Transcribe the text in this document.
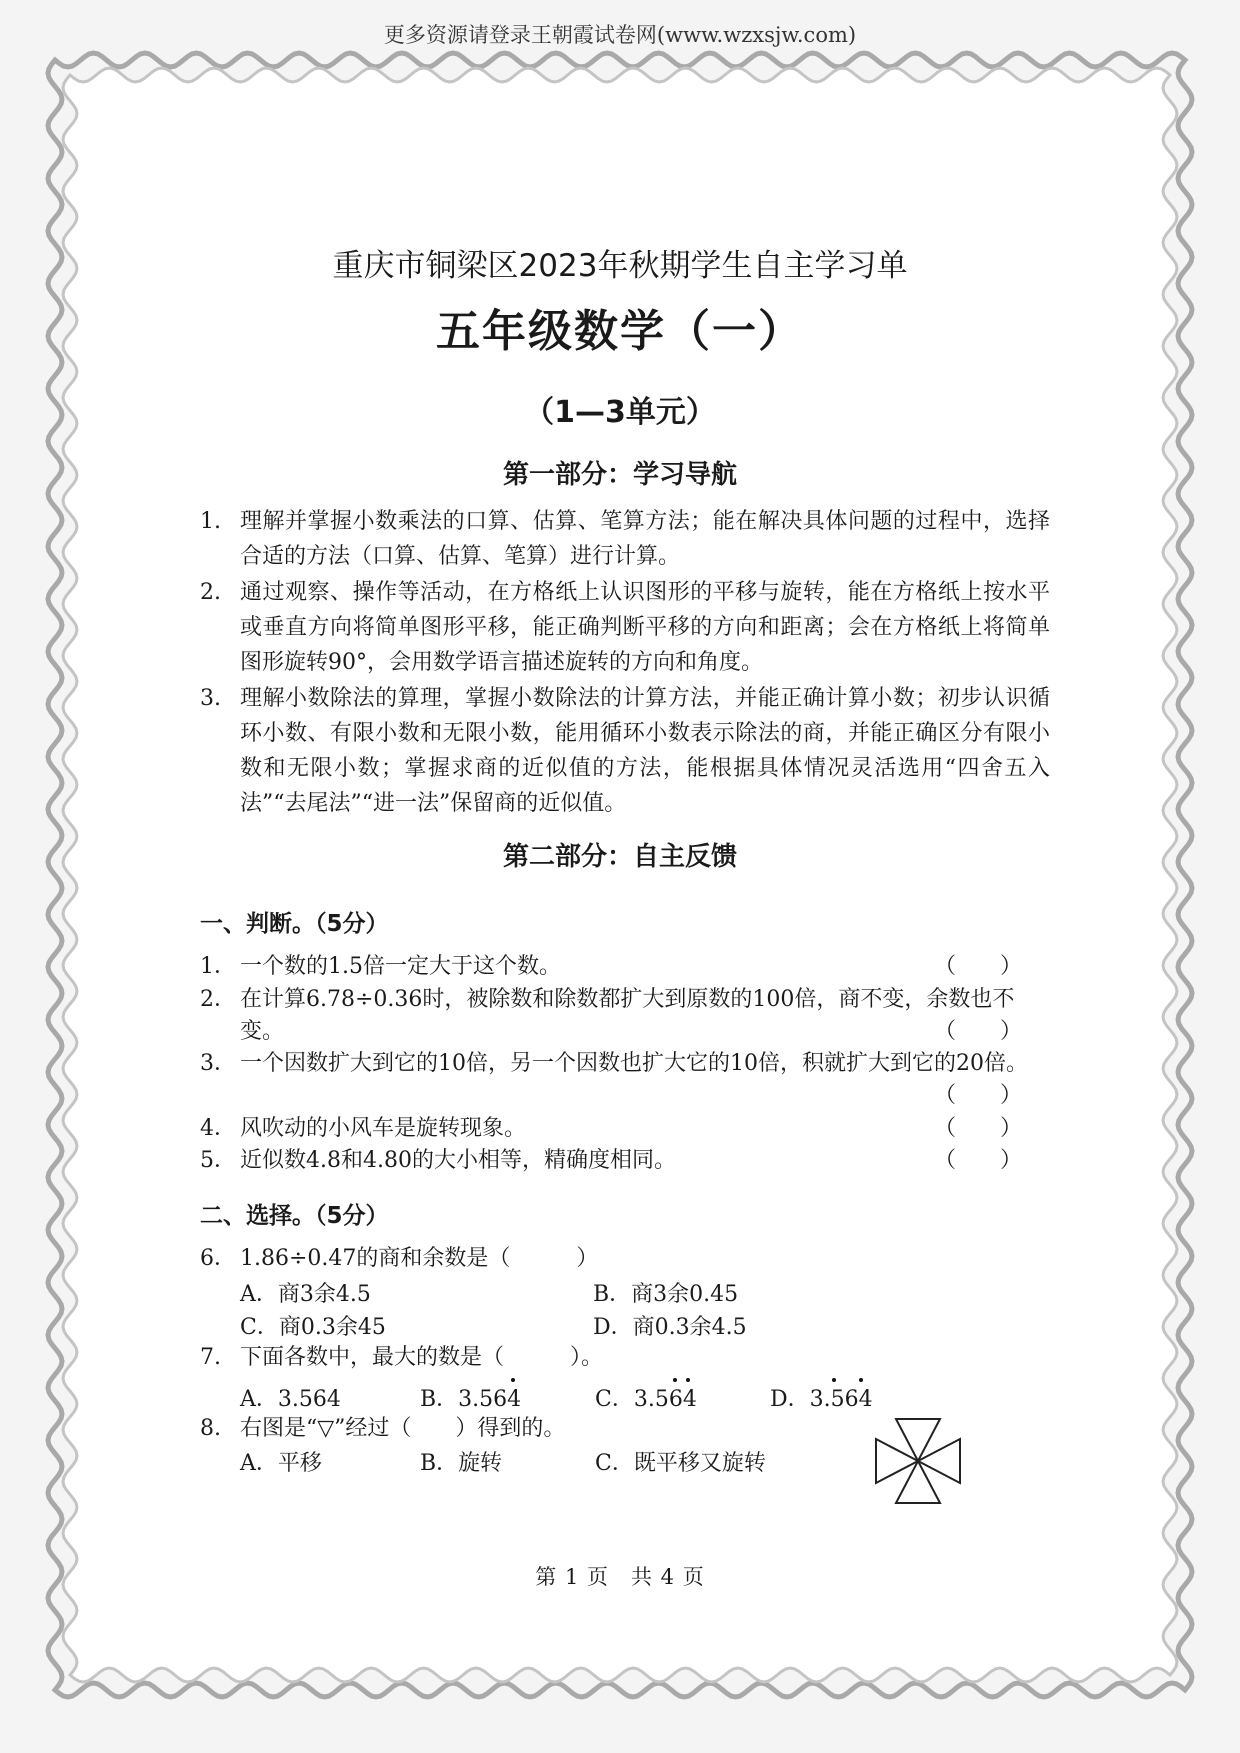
更多资源请登录王朝霞试卷网(www.wzxsjw.com)
重庆市铜梁区2023年秋期学生自主学习单
五年级数学（一）
（1—3单元）
第一部分：学习导航
1. 理解并掌握小数乘法的口算、估算、笔算方法；能在解决具体问题的过程中，选择合适的方法（口算、估算、笔算）进行计算。
2. 通过观察、操作等活动，在方格纸上认识图形的平移与旋转，能在方格纸上按水平或垂直方向将简单图形平移，能正确判断平移的方向和距离；会在方格纸上将简单图形旋转90°，会用数学语言描述旋转的方向和角度。
3. 理解小数除法的算理，掌握小数除法的计算方法，并能正确计算小数；初步认识循环小数、有限小数和无限小数，能用循环小数表示除法的商，并能正确区分有限小数和无限小数；掌握求商的近似值的方法，能根据具体情况灵活选用“四舍五入法”“去尾法”“进一法”保留商的近似值。
第二部分：自主反馈
一、判断。（5分）
1． 一个数的1.5倍一定大于这个数。	（　　）
2． 在计算6.78÷0.36时，被除数和除数都扩大到原数的100倍，商不变，余数也不变。	（　　）
3． 一个因数扩大到它的10倍，另一个因数也扩大它的10倍，积就扩大到它的20倍。
（　　）
4． 风吹动的小风车是旋转现象。	（　　）
5． 近似数4.8和4.80的大小相等，精确度相同。	（　　）
二、选择。（5分）
6． 1.86÷0.47的商和余数是（　　　）
A．商3余4.5	B．商3余0.45
C．商0.3余45	D．商0.3余4.5
7. 下面各数中，最大的数是（　　　）。
A．3.564	B．3.564	C．3.564	D．3.564
8. 右图是“▽”经过（　　）得到的。
A．平移	B．旋转	C．既平移又旋转
第 1 页　共 4 页
